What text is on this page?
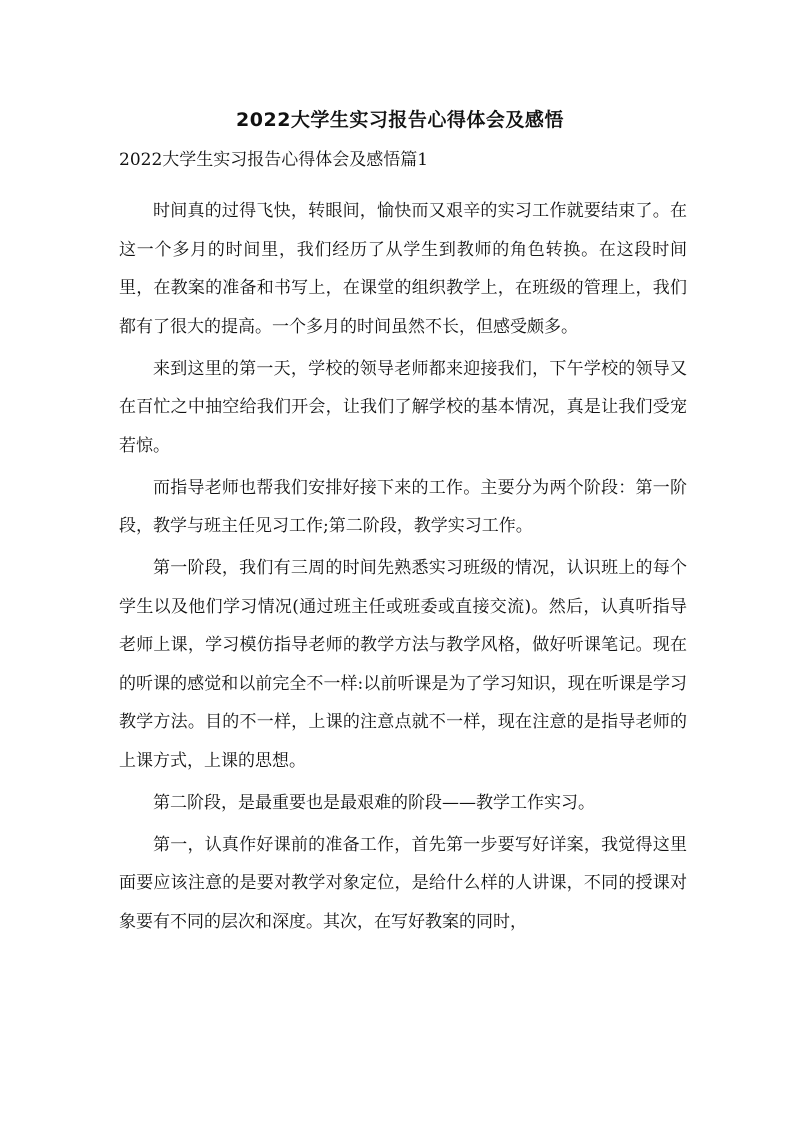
2022大学生实习报告心得体会及感悟
2022大学生实习报告心得体会及感悟篇1

时间真的过得飞快，转眼间，愉快而又艰辛的实习工作就要结束了。在这一个多月的时间里，我们经历了从学生到教师的角色转换。在这段时间里，在教案的准备和书写上，在课堂的组织教学上，在班级的管理上，我们都有了很大的提高。一个多月的时间虽然不长，但感受颇多。

来到这里的第一天，学校的领导老师都来迎接我们，下午学校的领导又在百忙之中抽空给我们开会，让我们了解学校的基本情况，真是让我们受宠若惊。

而指导老师也帮我们安排好接下来的工作。主要分为两个阶段：第一阶段，教学与班主任见习工作;第二阶段，教学实习工作。

第一阶段，我们有三周的时间先熟悉实习班级的情况，认识班上的每个学生以及他们学习情况(通过班主任或班委或直接交流)。然后，认真听指导老师上课，学习模仿指导老师的教学方法与教学风格，做好听课笔记。现在的听课的感觉和以前完全不一样:以前听课是为了学习知识，现在听课是学习教学方法。目的不一样，上课的注意点就不一样，现在注意的是指导老师的上课方式，上课的思想。

第二阶段，是最重要也是最艰难的阶段——教学工作实习。

第一，认真作好课前的准备工作，首先第一步要写好详案，我觉得这里面要应该注意的是要对教学对象定位，是给什么样的人讲课，不同的授课对象要有不同的层次和深度。其次，在写好教案的同时，
